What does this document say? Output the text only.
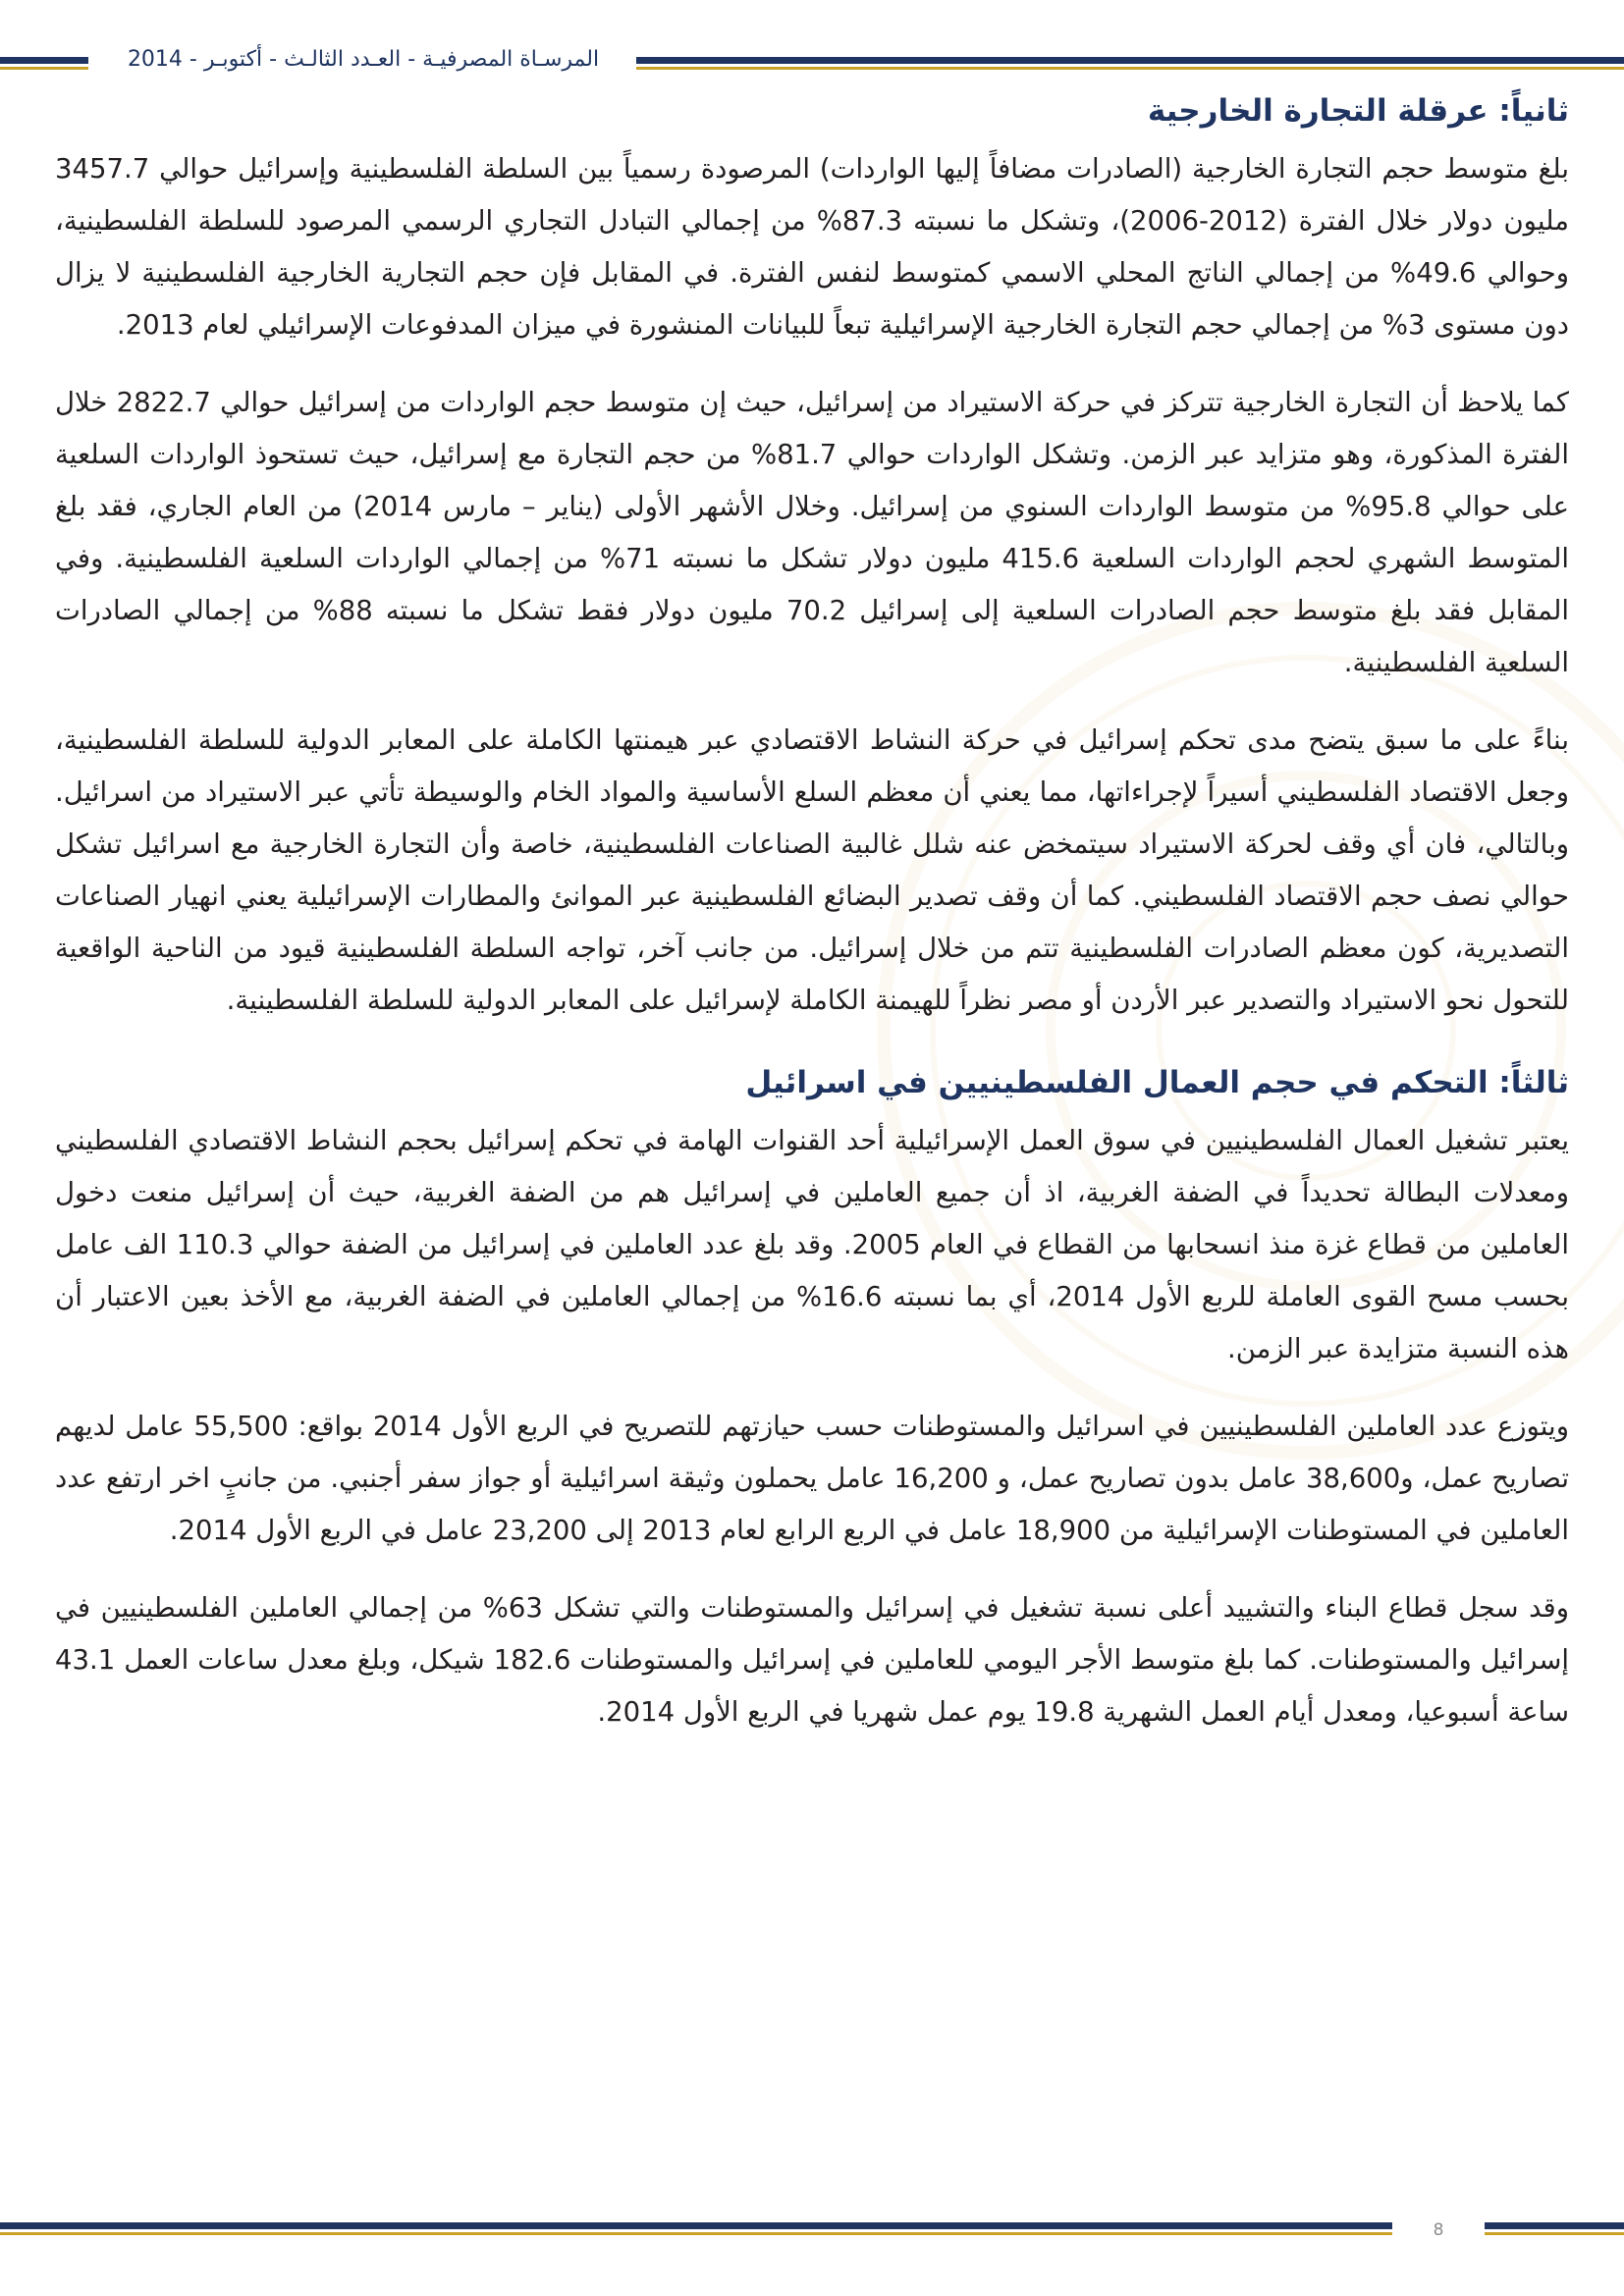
المرسـاة المصرفيـة - العـدد الثالـث - أكتوبـر - 2014
ثانياً: عرقلة التجارة الخارجية

بلغ متوسط حجم التجارة الخارجية (الصادرات مضافاً إليها الواردات) المرصودة رسمياً بين السلطة الفلسطينية وإسرائيل حوالي 3457.7 مليون دولار خلال الفترة (2012-2006)، وتشكل ما نسبته 87.3% من إجمالي التبادل التجاري الرسمي المرصود للسلطة الفلسطينية، وحوالي 49.6% من إجمالي الناتج المحلي الاسمي كمتوسط لنفس الفترة. في المقابل فإن حجم التجارية الخارجية الفلسطينية لا يزال دون مستوى 3% من إجمالي حجم التجارة الخارجية الإسرائيلية تبعاً للبيانات المنشورة في ميزان المدفوعات الإسرائيلي لعام 2013.

كما يلاحظ أن التجارة الخارجية تتركز في حركة الاستيراد من إسرائيل، حيث إن متوسط حجم الواردات من إسرائيل حوالي 2822.7 خلال الفترة المذكورة، وهو متزايد عبر الزمن. وتشكل الواردات حوالي 81.7% من حجم التجارة مع إسرائيل، حيث تستحوذ الواردات السلعية على حوالي 95.8% من متوسط الواردات السنوي من إسرائيل. وخلال الأشهر الأولى (يناير – مارس 2014) من العام الجاري، فقد بلغ المتوسط الشهري لحجم الواردات السلعية 415.6 مليون دولار تشكل ما نسبته 71% من إجمالي الواردات السلعية الفلسطينية. وفي المقابل فقد بلغ متوسط حجم الصادرات السلعية إلى إسرائيل 70.2 مليون دولار فقط تشكل ما نسبته 88% من إجمالي الصادرات السلعية الفلسطينية.

بناءً على ما سبق يتضح مدى تحكم إسرائيل في حركة النشاط الاقتصادي عبر هيمنتها الكاملة على المعابر الدولية للسلطة الفلسطينية، وجعل الاقتصاد الفلسطيني أسيراً لإجراءاتها، مما يعني أن معظم السلع الأساسية والمواد الخام والوسيطة تأتي عبر الاستيراد من اسرائيل. وبالتالي، فان أي وقف لحركة الاستيراد سيتمخض عنه شلل غالبية الصناعات الفلسطينية، خاصة وأن التجارة الخارجية مع اسرائيل تشكل حوالي نصف حجم الاقتصاد الفلسطيني. كما أن وقف تصدير البضائع الفلسطينية عبر الموانئ والمطارات الإسرائيلية يعني انهيار الصناعات التصديرية، كون معظم الصادرات الفلسطينية تتم من خلال إسرائيل. من جانب آخر، تواجه السلطة الفلسطينية قيود من الناحية الواقعية للتحول نحو الاستيراد والتصدير عبر الأردن أو مصر نظراً للهيمنة الكاملة لإسرائيل على المعابر الدولية للسلطة الفلسطينية.

ثالثاً: التحكم في حجم العمال الفلسطينيين في اسرائيل

يعتبر تشغيل العمال الفلسطينيين في سوق العمل الإسرائيلية أحد القنوات الهامة في تحكم إسرائيل بحجم النشاط الاقتصادي الفلسطيني ومعدلات البطالة تحديداً في الضفة الغربية، اذ أن جميع العاملين في إسرائيل هم من الضفة الغربية، حيث أن إسرائيل منعت دخول العاملين من قطاع غزة منذ انسحابها من القطاع في العام 2005. وقد بلغ عدد العاملين في إسرائيل من الضفة حوالي 110.3 الف عامل بحسب مسح القوى العاملة للربع الأول 2014، أي بما نسبته 16.6% من إجمالي العاملين في الضفة الغربية، مع الأخذ بعين الاعتبار أن هذه النسبة متزايدة عبر الزمن.

ويتوزع عدد العاملين الفلسطينيين في اسرائيل والمستوطنات حسب حيازتهم للتصريح في الربع الأول 2014 بواقع: 55,500 عامل لديهم تصاريح عمل، و38,600 عامل بدون تصاريح عمل، و 16,200 عامل يحملون وثيقة اسرائيلية أو جواز سفر أجنبي. من جانبٍ اخر ارتفع عدد العاملين في المستوطنات الإسرائيلية من 18,900 عامل في الربع الرابع لعام 2013 إلى 23,200 عامل في الربع الأول 2014.

وقد سجل قطاع البناء والتشييد أعلى نسبة تشغيل في إسرائيل والمستوطنات والتي تشكل 63% من إجمالي العاملين الفلسطينيين في إسرائيل والمستوطنات. كما بلغ متوسط الأجر اليومي للعاملين في إسرائيل والمستوطنات 182.6 شيكل، وبلغ معدل ساعات العمل 43.1 ساعة أسبوعيا، ومعدل أيام العمل الشهرية 19.8 يوم عمل شهريا في الربع الأول 2014.

8
